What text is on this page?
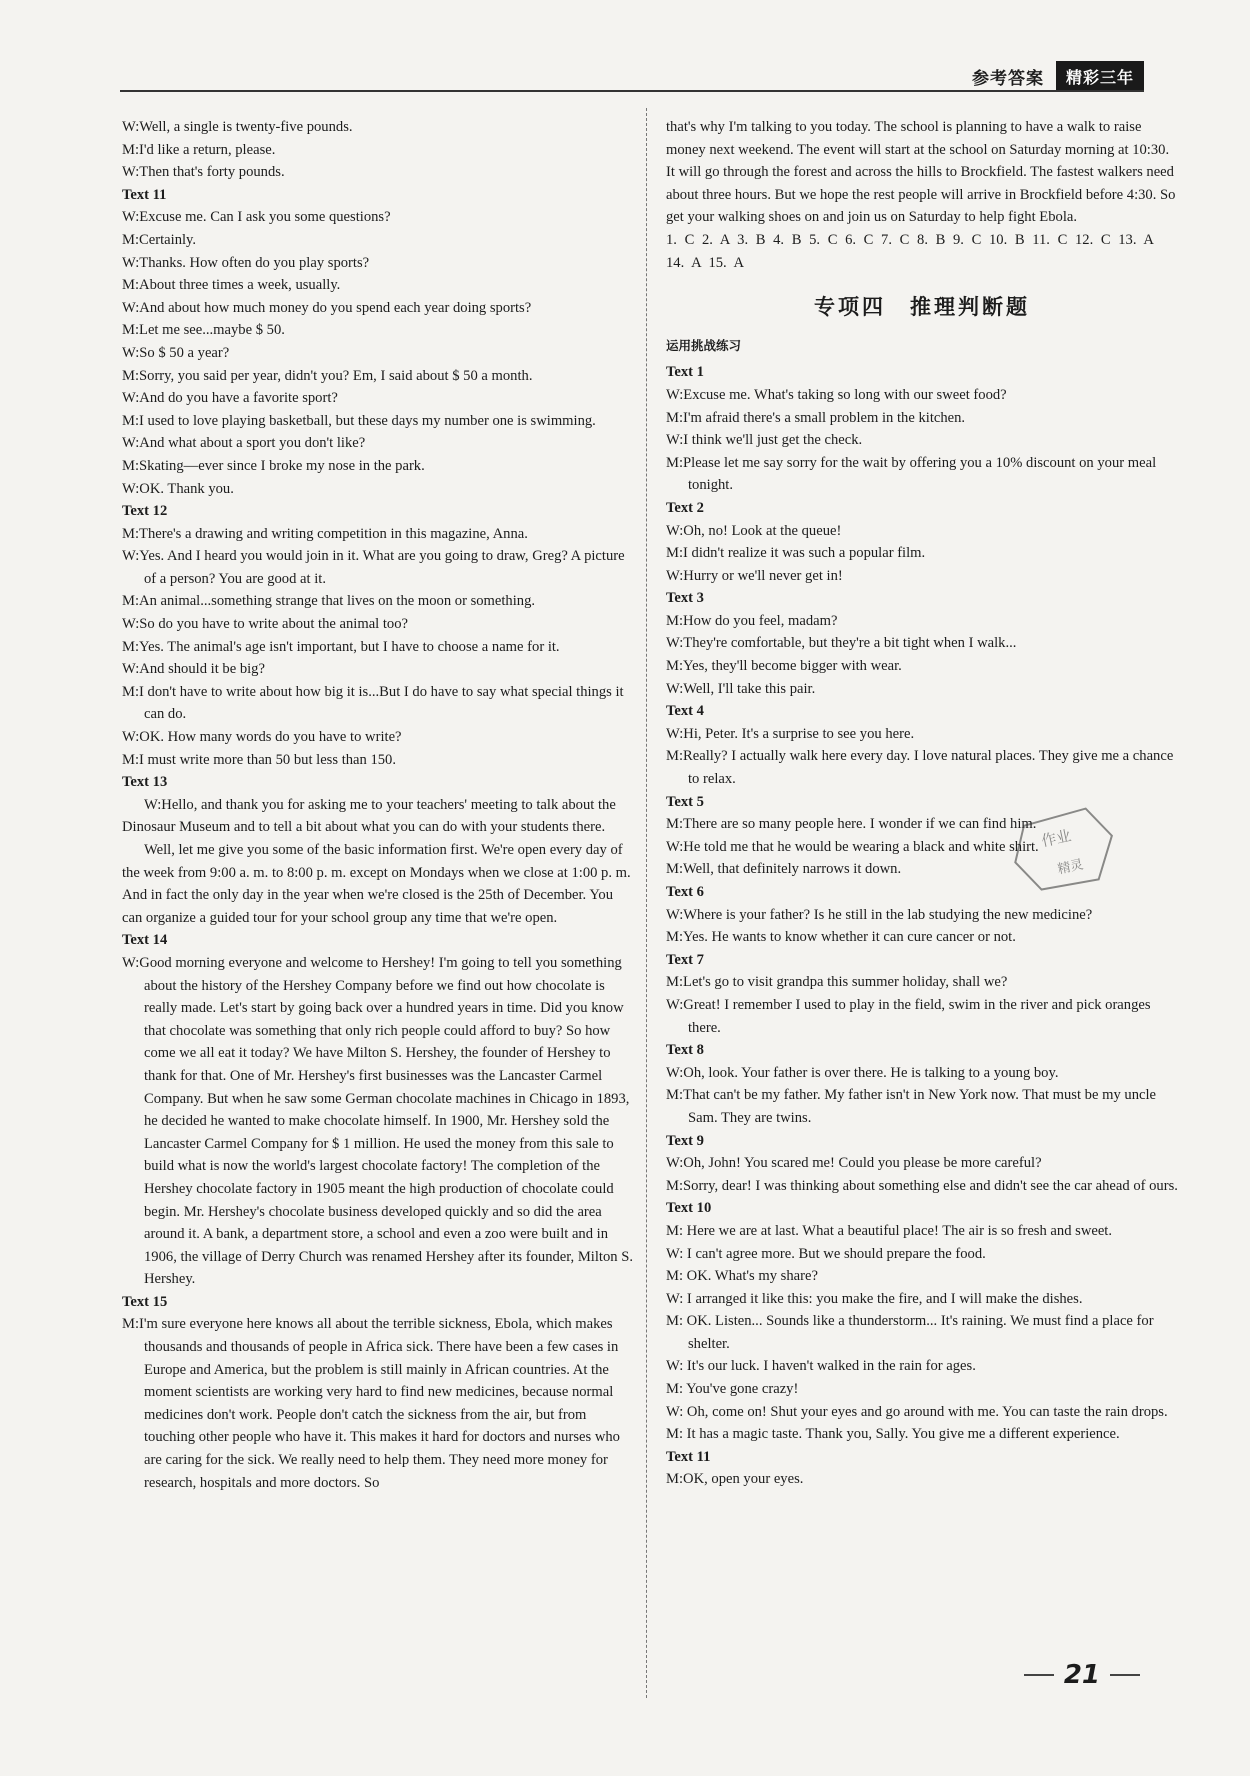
参考答案	精彩三年
W:Well, a single is twenty-five pounds.
M:I'd like a return, please.
W:Then that's forty pounds.
Text 11
W:Excuse me. Can I ask you some questions?
M:Certainly.
W:Thanks. How often do you play sports?
M:About three times a week, usually.
W:And about how much money do you spend each year doing sports?
M:Let me see...maybe $ 50.
W:So $ 50 a year?
M:Sorry, you said per year, didn't you? Em, I said about $ 50 a month.
W:And do you have a favorite sport?
M:I used to love playing basketball, but these days my number one is swimming.
W:And what about a sport you don't like?
M:Skating—ever since I broke my nose in the park.
W:OK. Thank you.
Text 12
M:There's a drawing and writing competition in this magazine, Anna.
W:Yes. And I heard you would join in it. What are you going to draw, Greg? A picture of a person? You are good at it.
M:An animal...something strange that lives on the moon or something.
W:So do you have to write about the animal too?
M:Yes. The animal's age isn't important, but I have to choose a name for it.
W:And should it be big?
M:I don't have to write about how big it is...But I do have to say what special things it can do.
W:OK. How many words do you have to write?
M:I must write more than 50 but less than 150.
Text 13
W:Hello, and thank you for asking me to your teachers' meeting to talk about the Dinosaur Museum and to tell a bit about what you can do with your students there.
Well, let me give you some of the basic information first. We're open every day of the week from 9:00 a. m. to 8:00 p. m. except on Mondays when we close at 1:00 p. m. And in fact the only day in the year when we're closed is the 25th of December. You can organize a guided tour for your school group any time that we're open.
Text 14
W:Good morning everyone and welcome to Hershey! I'm going to tell you something about the history of the Hershey Company before we find out how chocolate is really made. Let's start by going back over a hundred years in time. Did you know that chocolate was something that only rich people could afford to buy? So how come we all eat it today? We have Milton S. Hershey, the founder of Hershey to thank for that. One of Mr. Hershey's first businesses was the Lancaster Carmel Company. But when he saw some German chocolate machines in Chicago in 1893, he decided he wanted to make chocolate himself. In 1900, Mr. Hershey sold the Lancaster Carmel Company for $ 1 million. He used the money from this sale to build what is now the world's largest chocolate factory! The completion of the Hershey chocolate factory in 1905 meant the high production of chocolate could begin. Mr. Hershey's chocolate business developed quickly and so did the area around it. A bank, a department store, a school and even a zoo were built and in 1906, the village of Derry Church was renamed Hershey after its founder, Milton S. Hershey.
Text 15
M:I'm sure everyone here knows all about the terrible sickness, Ebola, which makes thousands and thousands of people in Africa sick. There have been a few cases in Europe and America, but the problem is still mainly in African countries. At the moment scientists are working very hard to find new medicines, because normal medicines don't work. People don't catch the sickness from the air, but from touching other people who have it. This makes it hard for doctors and nurses who are caring for the sick. We really need to help them. They need more money for research, hospitals and more doctors. So
that's why I'm talking to you today. The school is planning to have a walk to raise money next weekend. The event will start at the school on Saturday morning at 10:30. It will go through the forest and across the hills to Brockfield. The fastest walkers need about three hours. But we hope the rest people will arrive in Brockfield before 4:30. So get your walking shoes on and join us on Saturday to help fight Ebola.
1. C 2. A 3. B 4. B 5. C 6. C 7. C 8. B 9. C 10. B 11. C 12. C 13. A 14. A 15. A
专项四　推理判断题
运用挑战练习
Text 1
W:Excuse me. What's taking so long with our sweet food?
M:I'm afraid there's a small problem in the kitchen.
W:I think we'll just get the check.
M:Please let me say sorry for the wait by offering you a 10% discount on your meal tonight.
Text 2
W:Oh, no! Look at the queue!
M:I didn't realize it was such a popular film.
W:Hurry or we'll never get in!
Text 3
M:How do you feel, madam?
W:They're comfortable, but they're a bit tight when I walk...
M:Yes, they'll become bigger with wear.
W:Well, I'll take this pair.
Text 4
W:Hi, Peter. It's a surprise to see you here.
M:Really? I actually walk here every day. I love natural places. They give me a chance to relax.
Text 5
M:There are so many people here. I wonder if we can find him.
W:He told me that he would be wearing a black and white shirt.
M:Well, that definitely narrows it down.
Text 6
W:Where is your father? Is he still in the lab studying the new medicine?
M:Yes. He wants to know whether it can cure cancer or not.
Text 7
M:Let's go to visit grandpa this summer holiday, shall we?
W:Great! I remember I used to play in the field, swim in the river and pick oranges there.
Text 8
W:Oh, look. Your father is over there. He is talking to a young boy.
M:That can't be my father. My father isn't in New York now. That must be my uncle Sam. They are twins.
Text 9
W:Oh, John! You scared me! Could you please be more careful?
M:Sorry, dear! I was thinking about something else and didn't see the car ahead of ours.
Text 10
M: Here we are at last. What a beautiful place! The air is so fresh and sweet.
W: I can't agree more. But we should prepare the food.
M: OK. What's my share?
W: I arranged it like this: you make the fire, and I will make the dishes.
M: OK. Listen... Sounds like a thunderstorm... It's raining. We must find a place for shelter.
W: It's our luck. I haven't walked in the rain for ages.
M: You've gone crazy!
W: Oh, come on! Shut your eyes and go around with me. You can taste the rain drops.
M: It has a magic taste. Thank you, Sally. You give me a different experience.
Text 11
M:OK, open your eyes.
作业
精灵
21
